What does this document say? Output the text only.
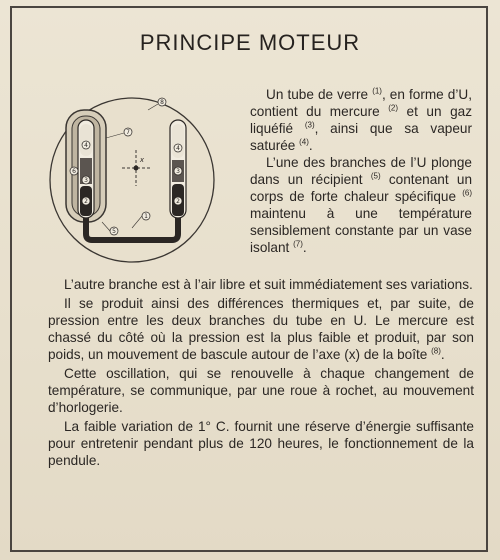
PRINCIPE MOTEUR
8
7
4
6
3
2
4
3
2
1
5
x

Un tube de verre $^{(1)}$, en forme d’U, contient du mercure $^{(2)}$ et un gaz liquéfié $^{(3)}$, ainsi que sa vapeur saturée $^{(4)}$.

L’une des branches de l’U plonge dans un récipient $^{(5)}$ contenant un corps de forte chaleur spécifique $^{(6)}$ maintenu à une température sensiblement constante par un vase isolant $^{(7)}$.

L’autre branche est à l’air libre et suit immédiatement ses variations.

Il se produit ainsi des différences thermiques et, par suite, de pression entre les deux branches du tube en U. Le mercure est chassé du côté où la pression est la plus faible et produit, par son poids, un mouvement de bascule autour de l’axe (x) de la boîte $^{(8)}$.

Cette oscillation, qui se renouvelle à chaque changement de température, se communique, par une roue à rochet, au mouvement d’horlogerie.

La faible variation de 1° C. fournit une réserve d’énergie suffisante pour entretenir pendant plus de 120 heures, le fonctionnement de la pendule.
